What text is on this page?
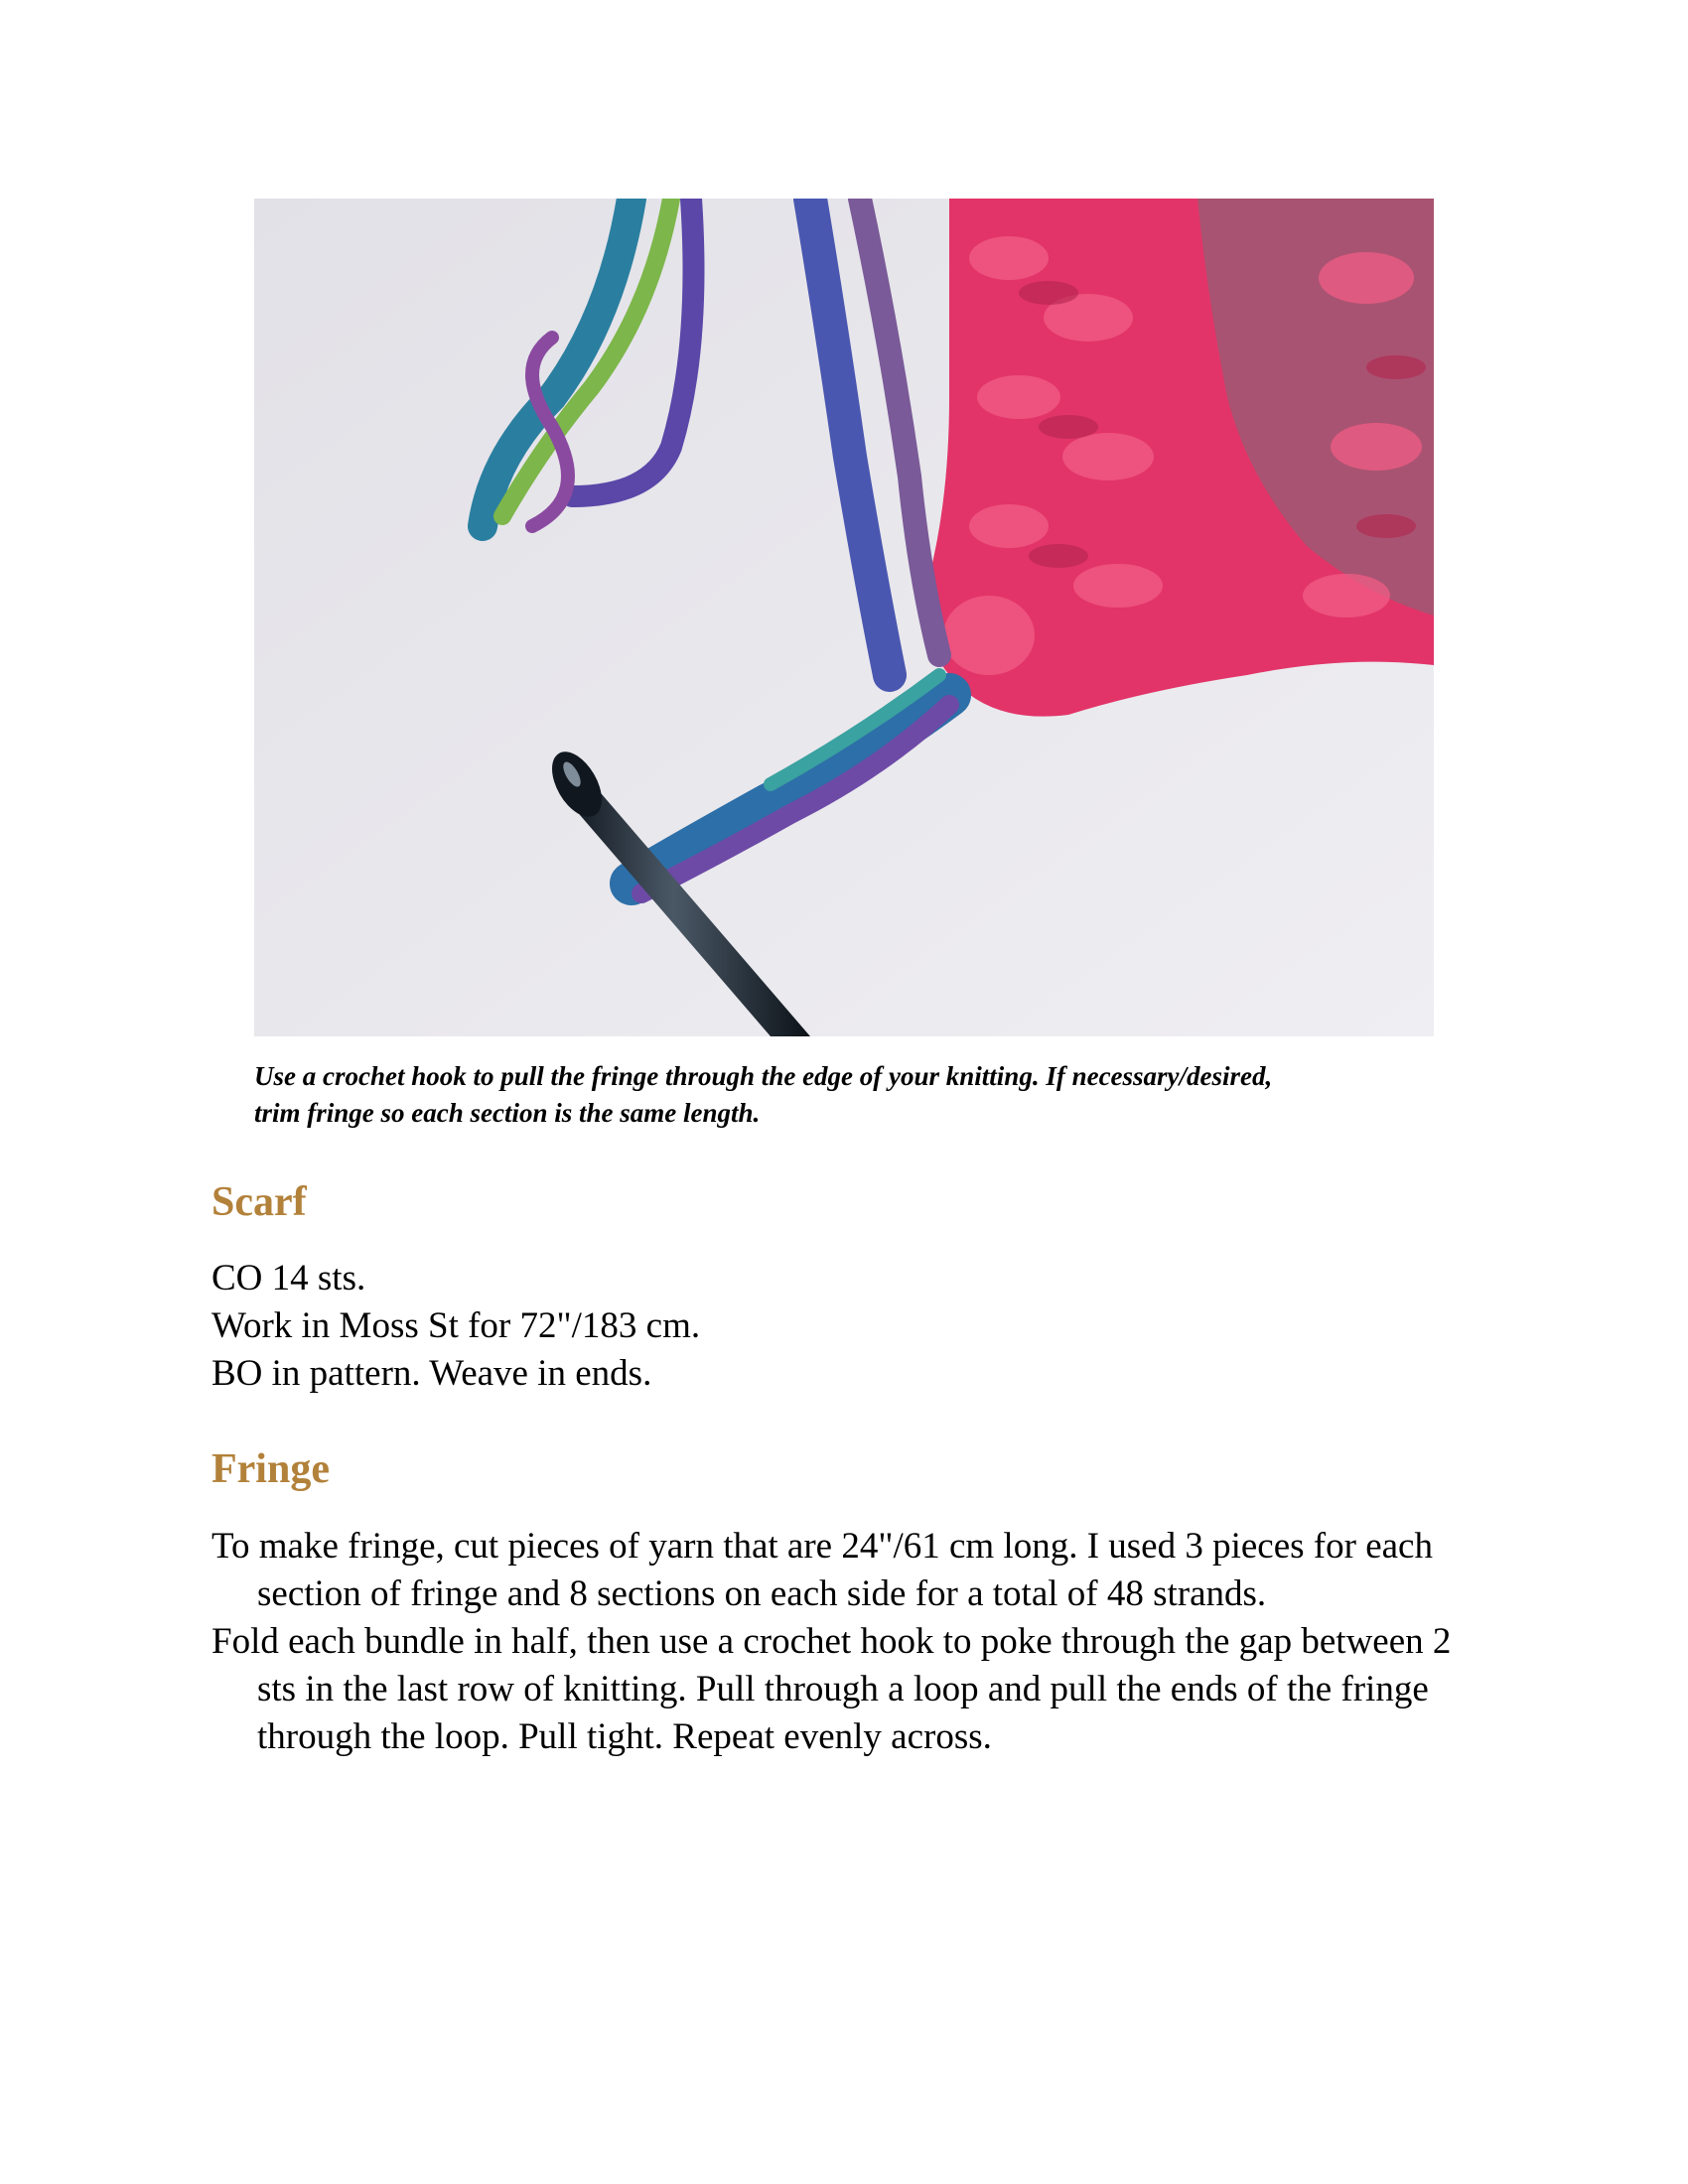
Use a crochet hook to pull the fringe through the edge of your knitting. If necessary/desired,

trim fringe so each section is the same length.

Scarf

CO 14 sts.

Work in Moss St for 72"/183 cm.

BO in pattern. Weave in ends.

Fringe

To make fringe, cut pieces of yarn that are 24"/61 cm long. I used 3 pieces for each section of fringe and 8 sections on each side for a total of 48 strands.

Fold each bundle in half, then use a crochet hook to poke through the gap between 2 sts in the last row of knitting. Pull through a loop and pull the ends of the fringe through the loop. Pull tight. Repeat evenly across.
